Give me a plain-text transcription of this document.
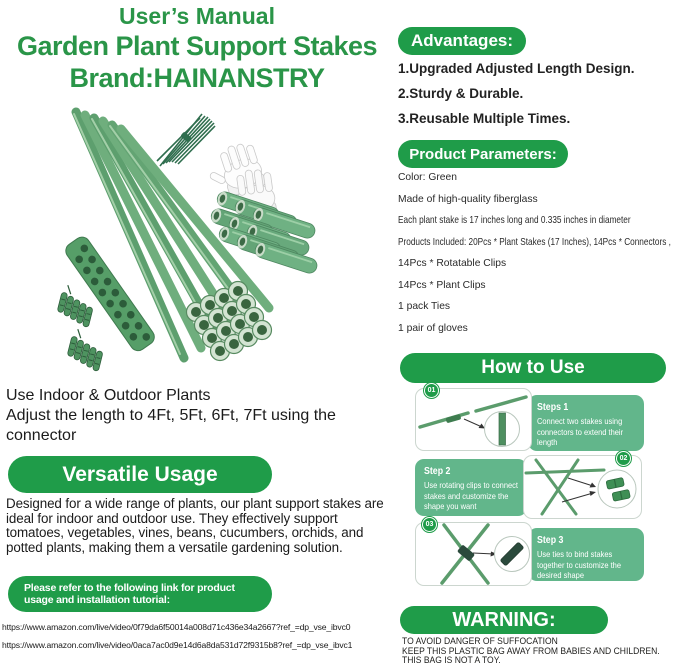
User’s Manual
Garden Plant Support Stakes
Brand:HAINANSTRY
Advantages:
1.Upgraded Adjusted Length Design.
2.Sturdy & Durable.
3.Reusable Multiple Times.
Product Parameters:
Color: Green
Made of high-quality fiberglass
Each plant stake is 17 inches long and 0.335 inches in diameter
Products Included: 20Pcs * Plant Stakes (17 Inches), 14Pcs * Connectors ,
14Pcs * Rotatable Clips
14Pcs * Plant Clips
1 pack Ties
1 pair of gloves
Use Indoor & Outdoor Plants
Adjust the length to 4Ft, 5Ft, 6Ft, 7Ft using the connector
Versatile Usage
Designed for a wide range of plants, our plant support stakes are ideal for indoor and outdoor use. They effectively support tomatoes, vegetables, vines, beans, cucumbers, orchids, and potted plants, making them a versatile gardening solution.
Please refer to the following link for product usage and installation tutorial:
https://www.amazon.com/live/video/0f79da6f50014a008d71c436e34a2667?ref_=dp_vse_ibvc0
https://www.amazon.com/live/video/0aca7ac0d9e14d6a8da531d72f9315b8?ref_=dp_vse_ibvc1
How to Use
Steps 1
Connect two stakes using connectors to extend their length
01
Step 2
Use rotating clips to connect stakes and customize the shape you want
02
Step 3
Use ties to bind stakes together to customize the desired shape
03
WARNING:
TO AVOID DANGER OF SUFFOCATION
KEEP THIS PLASTIC BAG AWAY FROM BABIES AND CHILDREN.
THIS BAG IS NOT A TOY.
